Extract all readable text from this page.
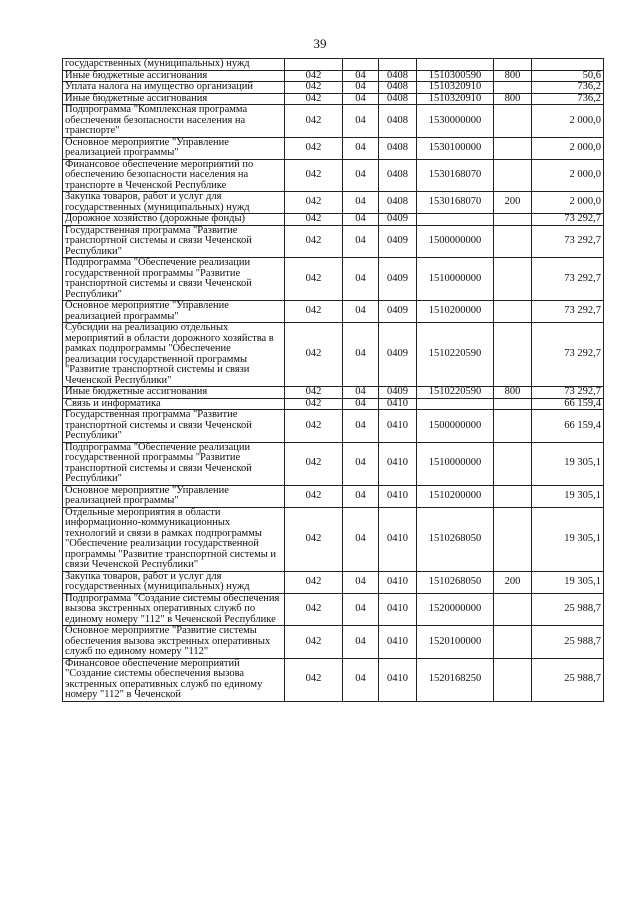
39
государственных (муниципальных) нужд						
Иные бюджетные ассигнования	042	04	0408	1510300590	800	50,6
Уплата налога на имущество организаций	042	04	0408	1510320910		736,2
Иные бюджетные ассигнования	042	04	0408	1510320910	800	736,2
Подпрограмма "Комплексная программа обеспечения безопасности населения на транспорте"	042	04	0408	1530000000		2 000,0
Основное мероприятие "Управление реализацией программы"	042	04	0408	1530100000		2 000,0
Финансовое обеспечение мероприятий по обеспечению безопасности населения на транспорте в Чеченской Республике	042	04	0408	1530168070		2 000,0
Закупка товаров, работ и услуг для государственных (муниципальных) нужд	042	04	0408	1530168070	200	2 000,0
Дорожное хозяйство (дорожные фонды)	042	04	0409			73 292,7
Государственная программа "Развитие транспортной системы и связи Чеченской Республики"	042	04	0409	1500000000		73 292,7
Подпрограмма "Обеспечение реализации государственной программы "Развитие транспортной системы и связи Чеченской Республики"	042	04	0409	1510000000		73 292,7
Основное мероприятие "Управление реализацией программы"	042	04	0409	1510200000		73 292,7
Субсидии на реализацию отдельных мероприятий в области дорожного хозяйства в рамках подпрограммы "Обеспечение реализации государственной программы "Развитие транспортной системы и связи Чеченской Республики"	042	04	0409	1510220590		73 292,7
Иные бюджетные ассигнования	042	04	0409	1510220590	800	73 292,7
Связь и информатика	042	04	0410			66 159,4
Государственная программа "Развитие транспортной системы и связи Чеченской Республики"	042	04	0410	1500000000		66 159,4
Подпрограмма "Обеспечение реализации государственной программы "Развитие транспортной системы и связи Чеченской Республики"	042	04	0410	1510000000		19 305,1
Основное мероприятие "Управление реализацией программы"	042	04	0410	1510200000		19 305,1
Отдельные мероприятия в области информационно-коммуникационных технологий и связи в рамках подпрограммы "Обеспечение реализации государственной программы "Развитие транспортной системы и связи Чеченской Республики"	042	04	0410	1510268050		19 305,1
Закупка товаров, работ и услуг для государственных (муниципальных) нужд	042	04	0410	1510268050	200	19 305,1
Подпрограмма "Создание системы обеспечения вызова экстренных оперативных служб по единому номеру "112" в Чеченской Республике	042	04	0410	1520000000		25 988,7
Основное мероприятие "Развитие системы обеспечения вызова экстренных оперативных служб по единому номеру "112"	042	04	0410	1520100000		25 988,7
Финансовое обеспечение мероприятий "Создание системы обеспечения вызова экстренных оперативных служб по единому номеру "112" в Чеченской	042	04	0410	1520168250		25 988,7
